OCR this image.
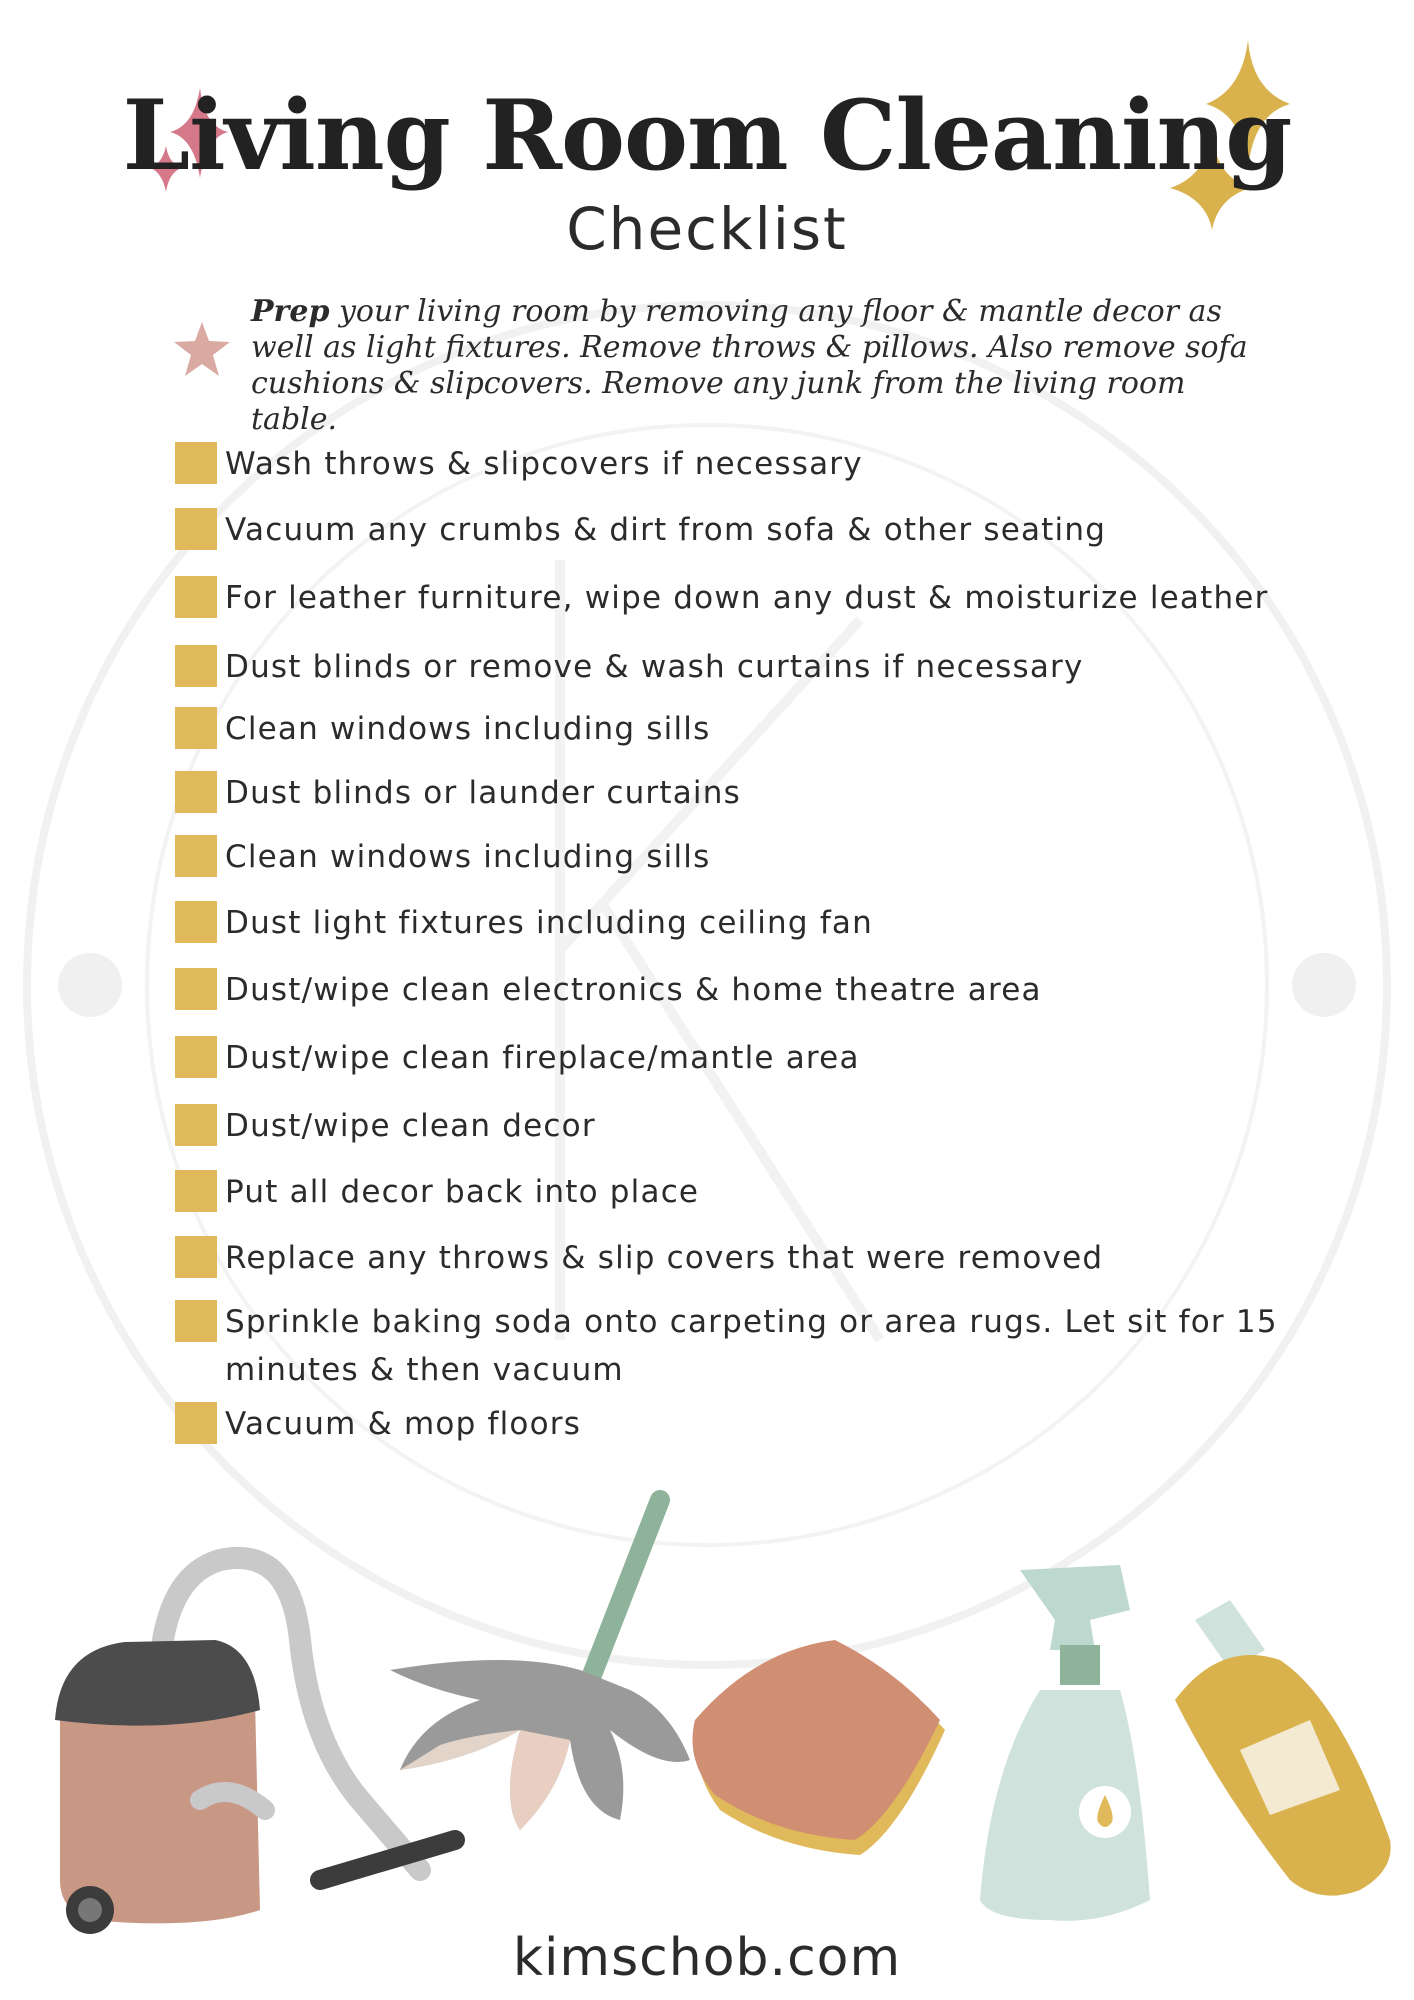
Living Room Cleaning
Checklist
Prep your living room by removing any floor & mantle decor as well as light fixtures. Remove throws & pillows. Also remove sofa cushions & slipcovers. Remove any junk from the living room table.
Wash throws & slipcovers if necessary
Vacuum any crumbs & dirt from sofa & other seating
For leather furniture, wipe down any dust & moisturize leather
Dust blinds or remove & wash curtains if necessary
Clean windows including sills
Dust blinds or launder curtains
Clean windows including sills
Dust light fixtures including ceiling fan
Dust/wipe clean electronics & home theatre area
Dust/wipe clean fireplace/mantle area
Dust/wipe clean decor
Put all decor back into place
Replace any throws & slip covers that were removed
Sprinkle baking soda onto carpeting or area rugs. Let sit for 15 minutes & then vacuum
Vacuum & mop floors
kimschob.com
